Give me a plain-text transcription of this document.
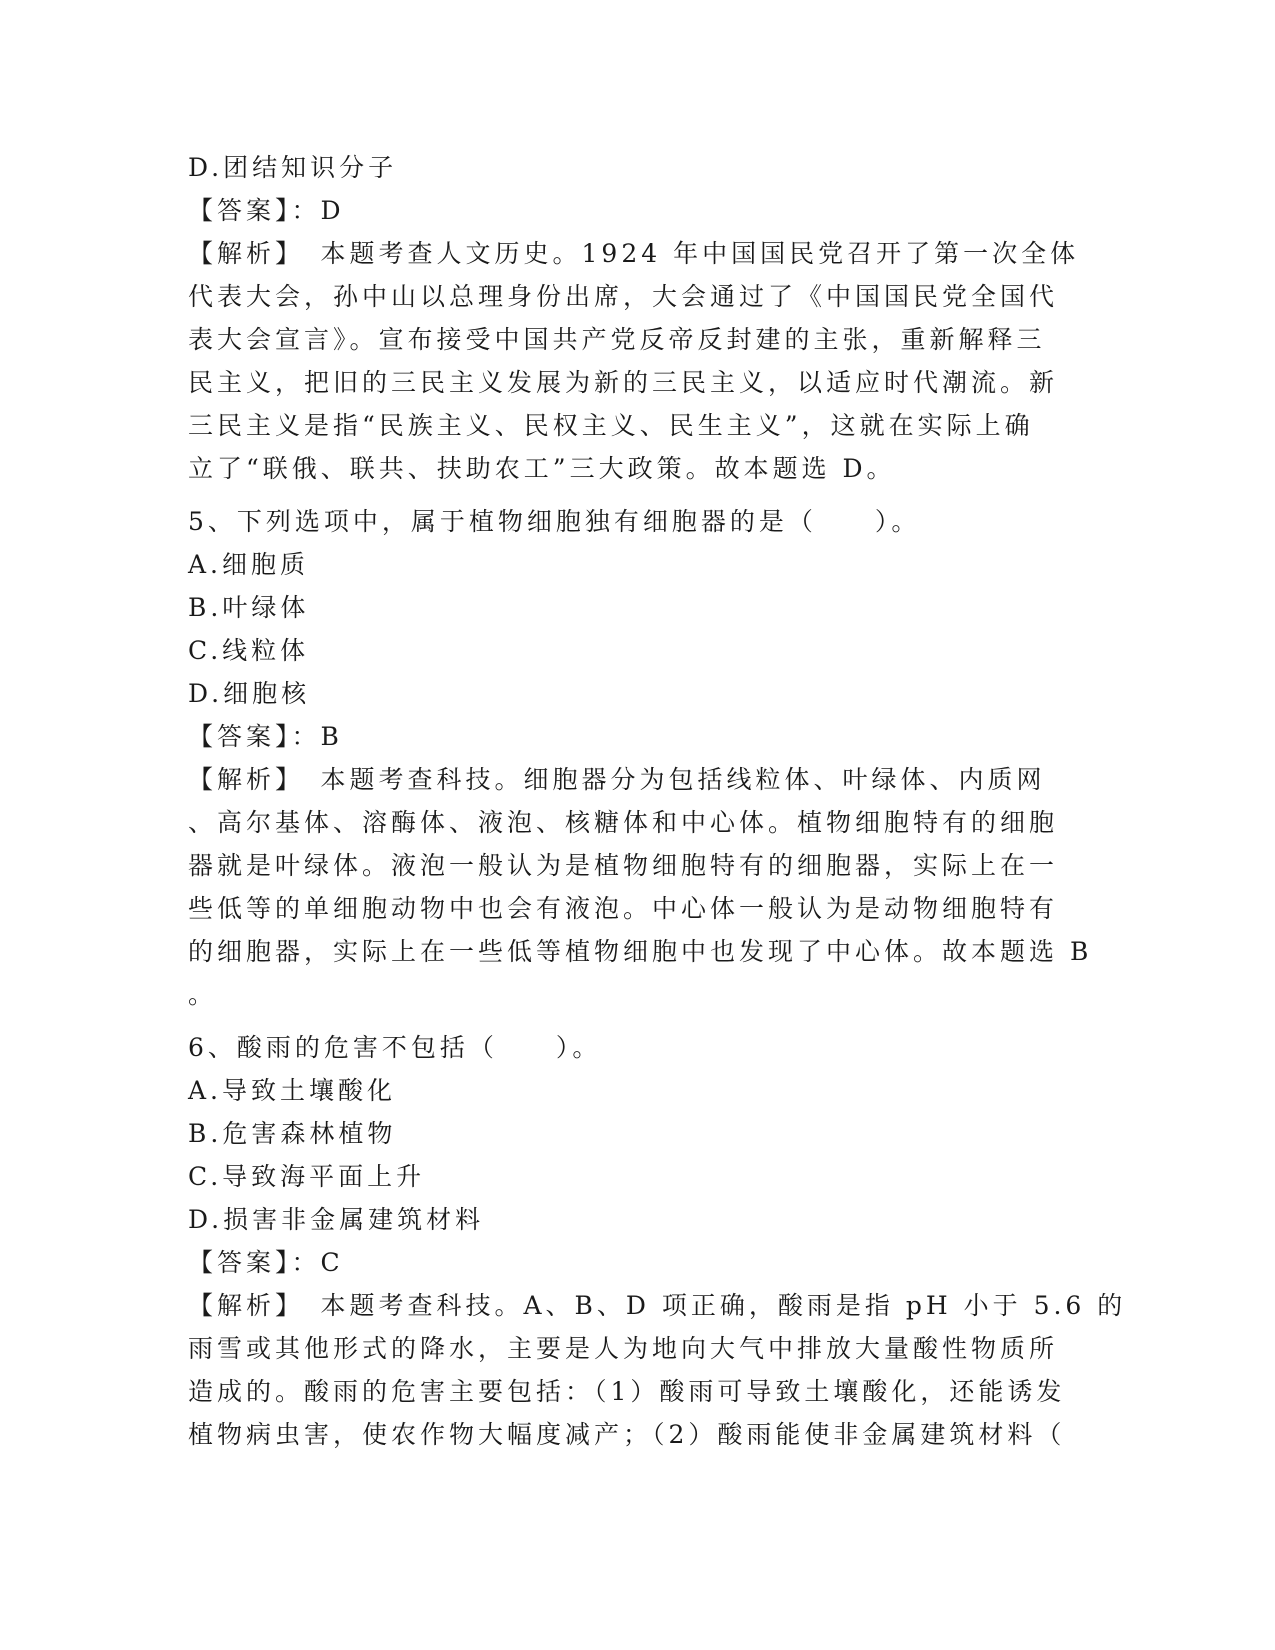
D.团结知识分子
【答案】：D
【解析】　本题考查人文历史。1924 年中国国民党召开了第一次全体
代表大会，孙中山以总理身份出席，大会通过了《中国国民党全国代
表大会宣言》。宣布接受中国共产党反帝反封建的主张，重新解释三
民主义，把旧的三民主义发展为新的三民主义，以适应时代潮流。新
三民主义是指“民族主义、民权主义、民生主义”，这就在实际上确
立了“联俄、联共、扶助农工”三大政策。故本题选 D。
5、下列选项中，属于植物细胞独有细胞器的是（　　）。
A.细胞质
B.叶绿体
C.线粒体
D.细胞核
【答案】：B
【解析】　本题考查科技。细胞器分为包括线粒体、叶绿体、内质网
、高尔基体、溶酶体、液泡、核糖体和中心体。植物细胞特有的细胞
器就是叶绿体。液泡一般认为是植物细胞特有的细胞器，实际上在一
些低等的单细胞动物中也会有液泡。中心体一般认为是动物细胞特有
的细胞器，实际上在一些低等植物细胞中也发现了中心体。故本题选 B
。
6、酸雨的危害不包括（　　）。
A.导致土壤酸化
B.危害森林植物
C.导致海平面上升
D.损害非金属建筑材料
【答案】：C
【解析】　本题考查科技。A、B、D 项正确，酸雨是指 pH 小于 5.6 的
雨雪或其他形式的降水，主要是人为地向大气中排放大量酸性物质所
造成的。酸雨的危害主要包括：（1）酸雨可导致土壤酸化，还能诱发
植物病虫害，使农作物大幅度减产；（2）酸雨能使非金属建筑材料（
